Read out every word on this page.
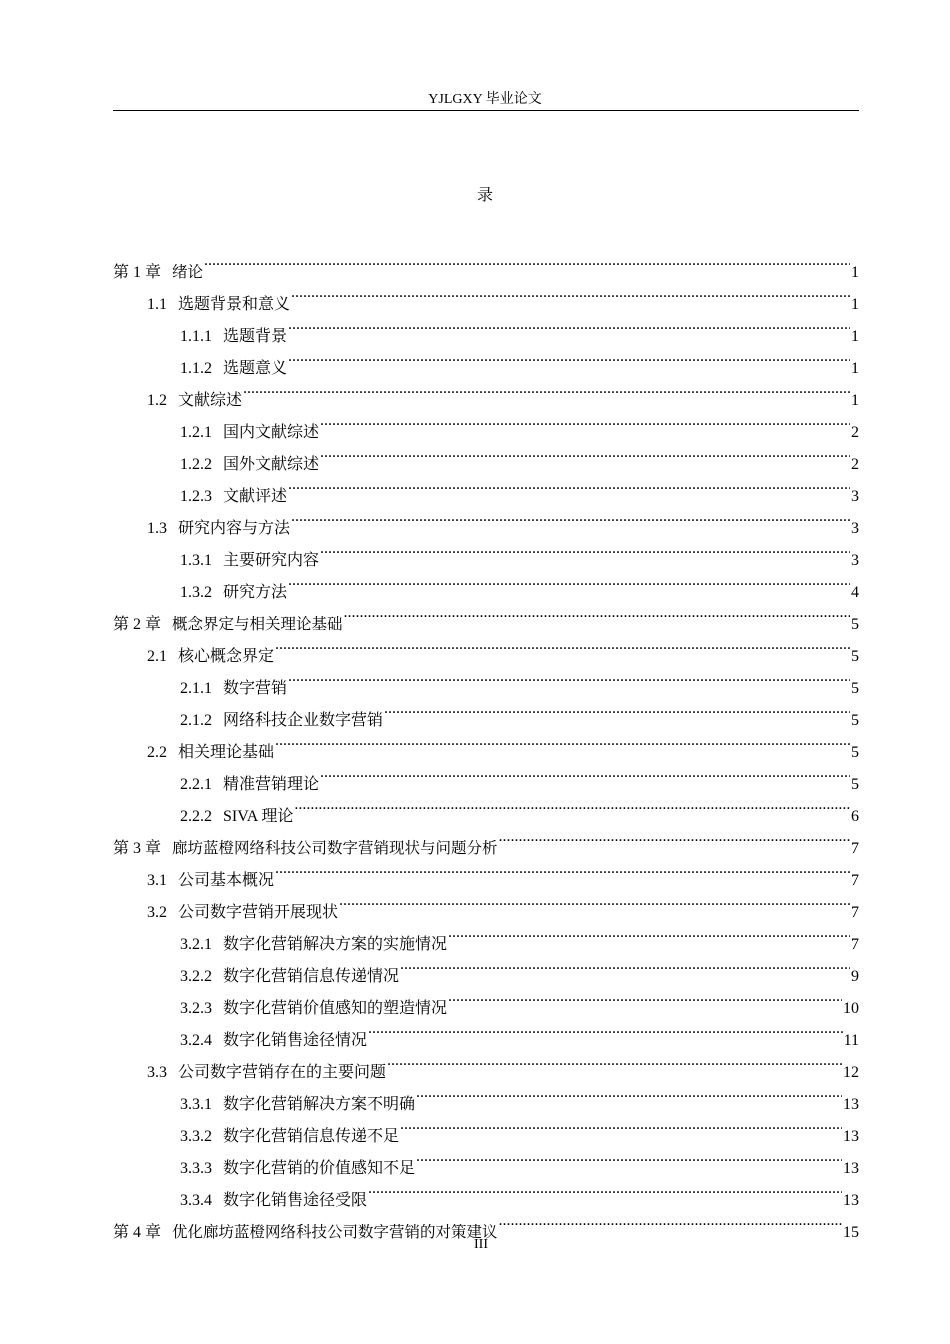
YJLGXY 毕业论文
录
第 1 章 绪论 .....	1
1.1 选题背景和意义 .....	1
1.1.1 选题背景 .....	1
1.1.2 选题意义 .....	1
1.2 文献综述 .....	1
1.2.1 国内文献综述 .....	2
1.2.2 国外文献综述 .....	2
1.2.3 文献评述 .....	3
1.3 研究内容与方法 .....	3
1.3.1 主要研究内容 .....	3
1.3.2 研究方法 .....	4
第 2 章 概念界定与相关理论基础 .....	5
2.1 核心概念界定 .....	5
2.1.1 数字营销 .....	5
2.1.2 网络科技企业数字营销 .....	5
2.2 相关理论基础 .....	5
2.2.1 精准营销理论 .....	5
2.2.2 SIVA 理论 .....	6
第 3 章 廊坊蓝橙网络科技公司数字营销现状与问题分析 .....	7
3.1 公司基本概况 .....	7
3.2 公司数字营销开展现状 .....	7
3.2.1 数字化营销解决方案的实施情况 .....	7
3.2.2 数字化营销信息传递情况 .....	9
3.2.3 数字化营销价值感知的塑造情况 .....	10
3.2.4 数字化销售途径情况 .....	11
3.3 公司数字营销存在的主要问题 .....	12
3.3.1 数字化营销解决方案不明确 .....	13
3.3.2 数字化营销信息传递不足 .....	13
3.3.3 数字化营销的价值感知不足 .....	13
3.3.4 数字化销售途径受限 .....	13
第 4 章 优化廊坊蓝橙网络科技公司数字营销的对策建议 .....	15
III
